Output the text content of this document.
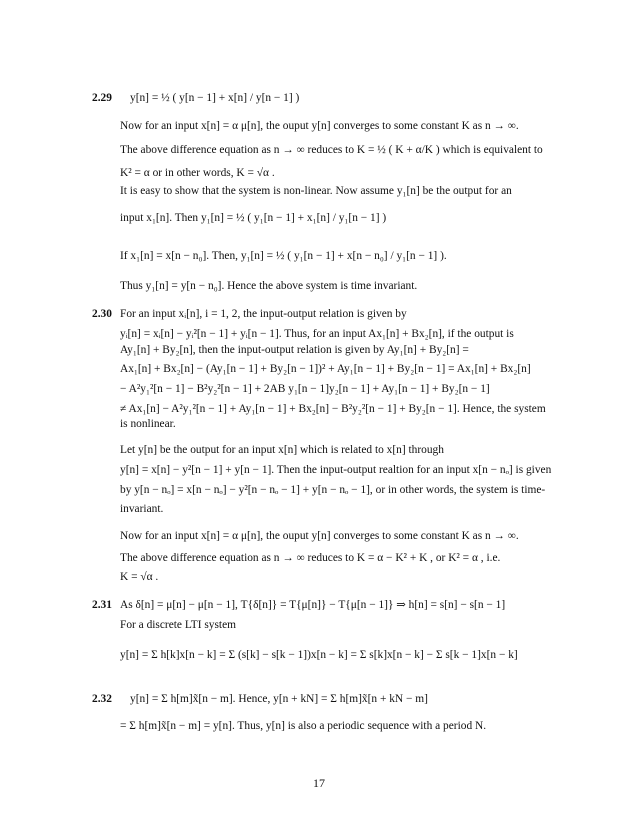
2.29 y[n] = ½ ( y[n − 1] + x[n] / y[n − 1] )
Now for an input x[n] = α μ[n], the ouput y[n] converges to some constant K as n → ∞.
The above difference equation as n → ∞ reduces to K = ½ ( K + α/K ) which is equivalent to
K² = α or in other words, K = √α .
It is easy to show that the system is non-linear. Now assume y₁[n] be the output for an
input x₁[n]. Then y₁[n] = ½ ( y₁[n − 1] + x₁[n] / y₁[n − 1] )
If x₁[n] = x[n − n₀]. Then, y₁[n] = ½ ( y₁[n − 1] + x[n − n₀] / y₁[n − 1] ).
Thus y₁[n] = y[n − n₀]. Hence the above system is time invariant.
2.30 For an input xᵢ[n], i = 1, 2, the input-output relation is given by
yᵢ[n] = xᵢ[n] − yᵢ²[n − 1] + yᵢ[n − 1]. Thus, for an input Ax₁[n] + Bx₂[n], if the output is
Ay₁[n] + By₂[n], then the input-output relation is given by Ay₁[n] + By₂[n] =
Ax₁[n] + Bx₂[n] − (Ay₁[n − 1] + By₂[n − 1])² + Ay₁[n − 1] + By₂[n − 1] = Ax₁[n] + Bx₂[n]
− A²y₁²[n − 1] − B²y₂²[n − 1] + 2AB y₁[n − 1]y₂[n − 1] + Ay₁[n − 1] + By₂[n − 1]
≠ Ax₁[n] − A²y₁²[n − 1] + Ay₁[n − 1] + Bx₂[n] − B²y₂²[n − 1] + By₂[n − 1]. Hence, the system
is nonlinear.
Let y[n] be the output for an input x[n] which is related to x[n] through
y[n] = x[n] − y²[n − 1] + y[n − 1]. Then the input-output realtion for an input x[n − nₒ] is given
by y[n − nₒ] = x[n − nₒ] − y²[n − nₒ − 1] + y[n − nₒ − 1], or in other words, the system is time-
invariant.
Now for an input x[n] = α μ[n], the ouput y[n] converges to some constant K as n → ∞.
The above difference equation as n → ∞ reduces to K = α − K² + K , or K² = α , i.e.
K = √α .
2.31 As δ[n] = μ[n] − μ[n − 1], T{δ[n]} = T{μ[n]} − T{μ[n − 1]} ⇒ h[n] = s[n] − s[n − 1]
For a discrete LTI system
y[n] = Σ h[k]x[n − k] = Σ (s[k] − s[k − 1])x[n − k] = Σ s[k]x[n − k] − Σ s[k − 1]x[n − k]
2.32 y[n] = Σ h[m]x̃[n − m]. Hence, y[n + kN] = Σ h[m]x̃[n + kN − m]
= Σ h[m]x̃[n − m] = y[n]. Thus, y[n] is also a periodic sequence with a period N.
17
